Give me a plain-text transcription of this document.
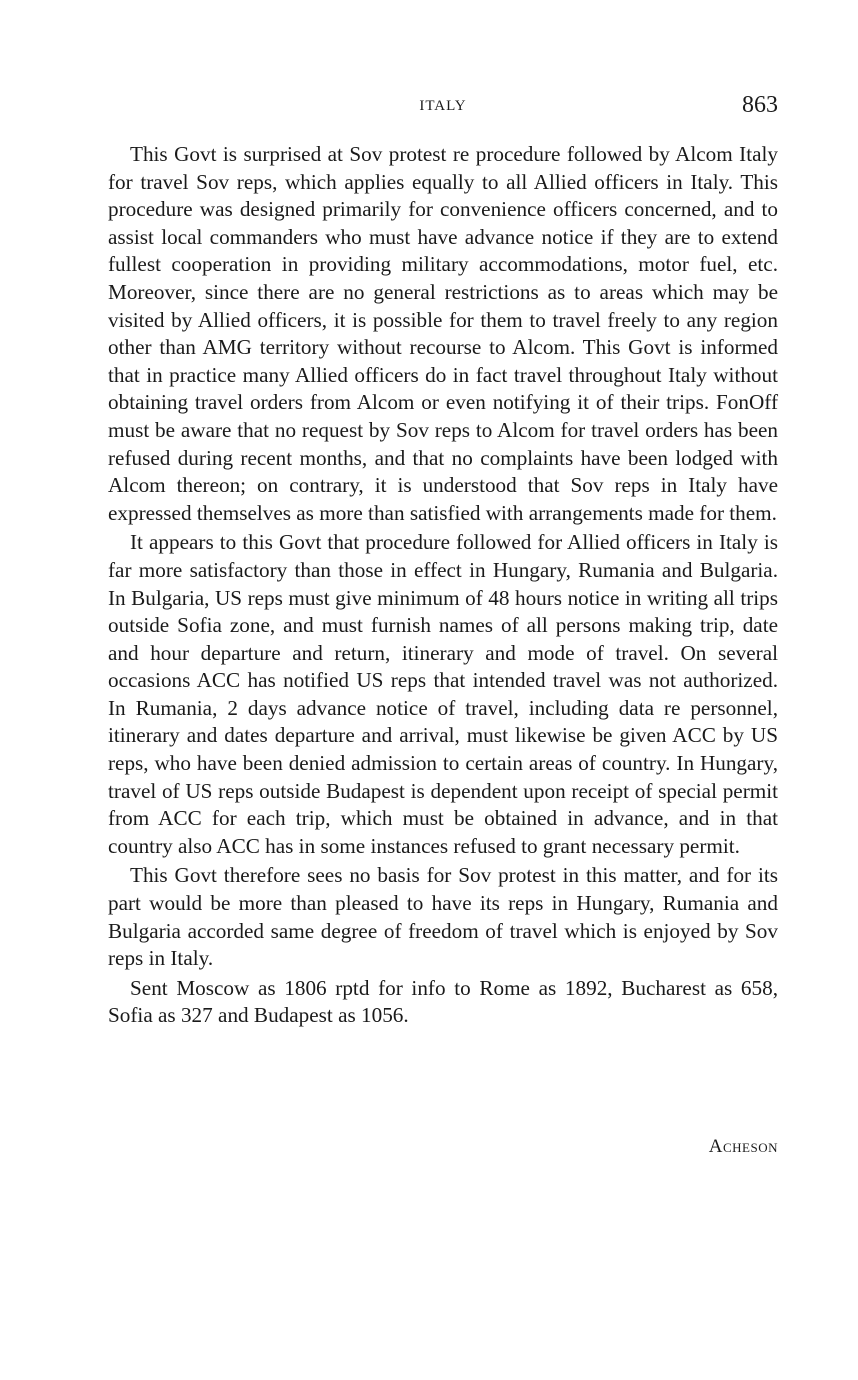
ITALY	863

This Govt is surprised at Sov protest re procedure followed by Alcom Italy for travel Sov reps, which applies equally to all Allied officers in Italy. This procedure was designed primarily for convenience officers concerned, and to assist local commanders who must have advance notice if they are to extend fullest cooperation in providing military accommodations, motor fuel, etc. Moreover, since there are no general restrictions as to areas which may be visited by Allied officers, it is possible for them to travel freely to any region other than AMG territory without recourse to Alcom. This Govt is informed that in practice many Allied officers do in fact travel throughout Italy without obtaining travel orders from Alcom or even notifying it of their trips. FonOff must be aware that no request by Sov reps to Alcom for travel orders has been refused during recent months, and that no complaints have been lodged with Alcom thereon; on contrary, it is understood that Sov reps in Italy have expressed themselves as more than satisfied with arrangements made for them.

It appears to this Govt that procedure followed for Allied officers in Italy is far more satisfactory than those in effect in Hungary, Rumania and Bulgaria. In Bulgaria, US reps must give minimum of 48 hours notice in writing all trips outside Sofia zone, and must furnish names of all persons making trip, date and hour departure and return, itinerary and mode of travel. On several occasions ACC has notified US reps that intended travel was not authorized. In Rumania, 2 days advance notice of travel, including data re personnel, itinerary and dates departure and arrival, must likewise be given ACC by US reps, who have been denied admission to certain areas of country. In Hungary, travel of US reps outside Budapest is dependent upon receipt of special permit from ACC for each trip, which must be obtained in advance, and in that country also ACC has in some instances refused to grant necessary permit.

This Govt therefore sees no basis for Sov protest in this matter, and for its part would be more than pleased to have its reps in Hungary, Rumania and Bulgaria accorded same degree of freedom of travel which is enjoyed by Sov reps in Italy.

Sent Moscow as 1806 rptd for info to Rome as 1892, Bucharest as 658, Sofia as 327 and Budapest as 1056.

Acheson
